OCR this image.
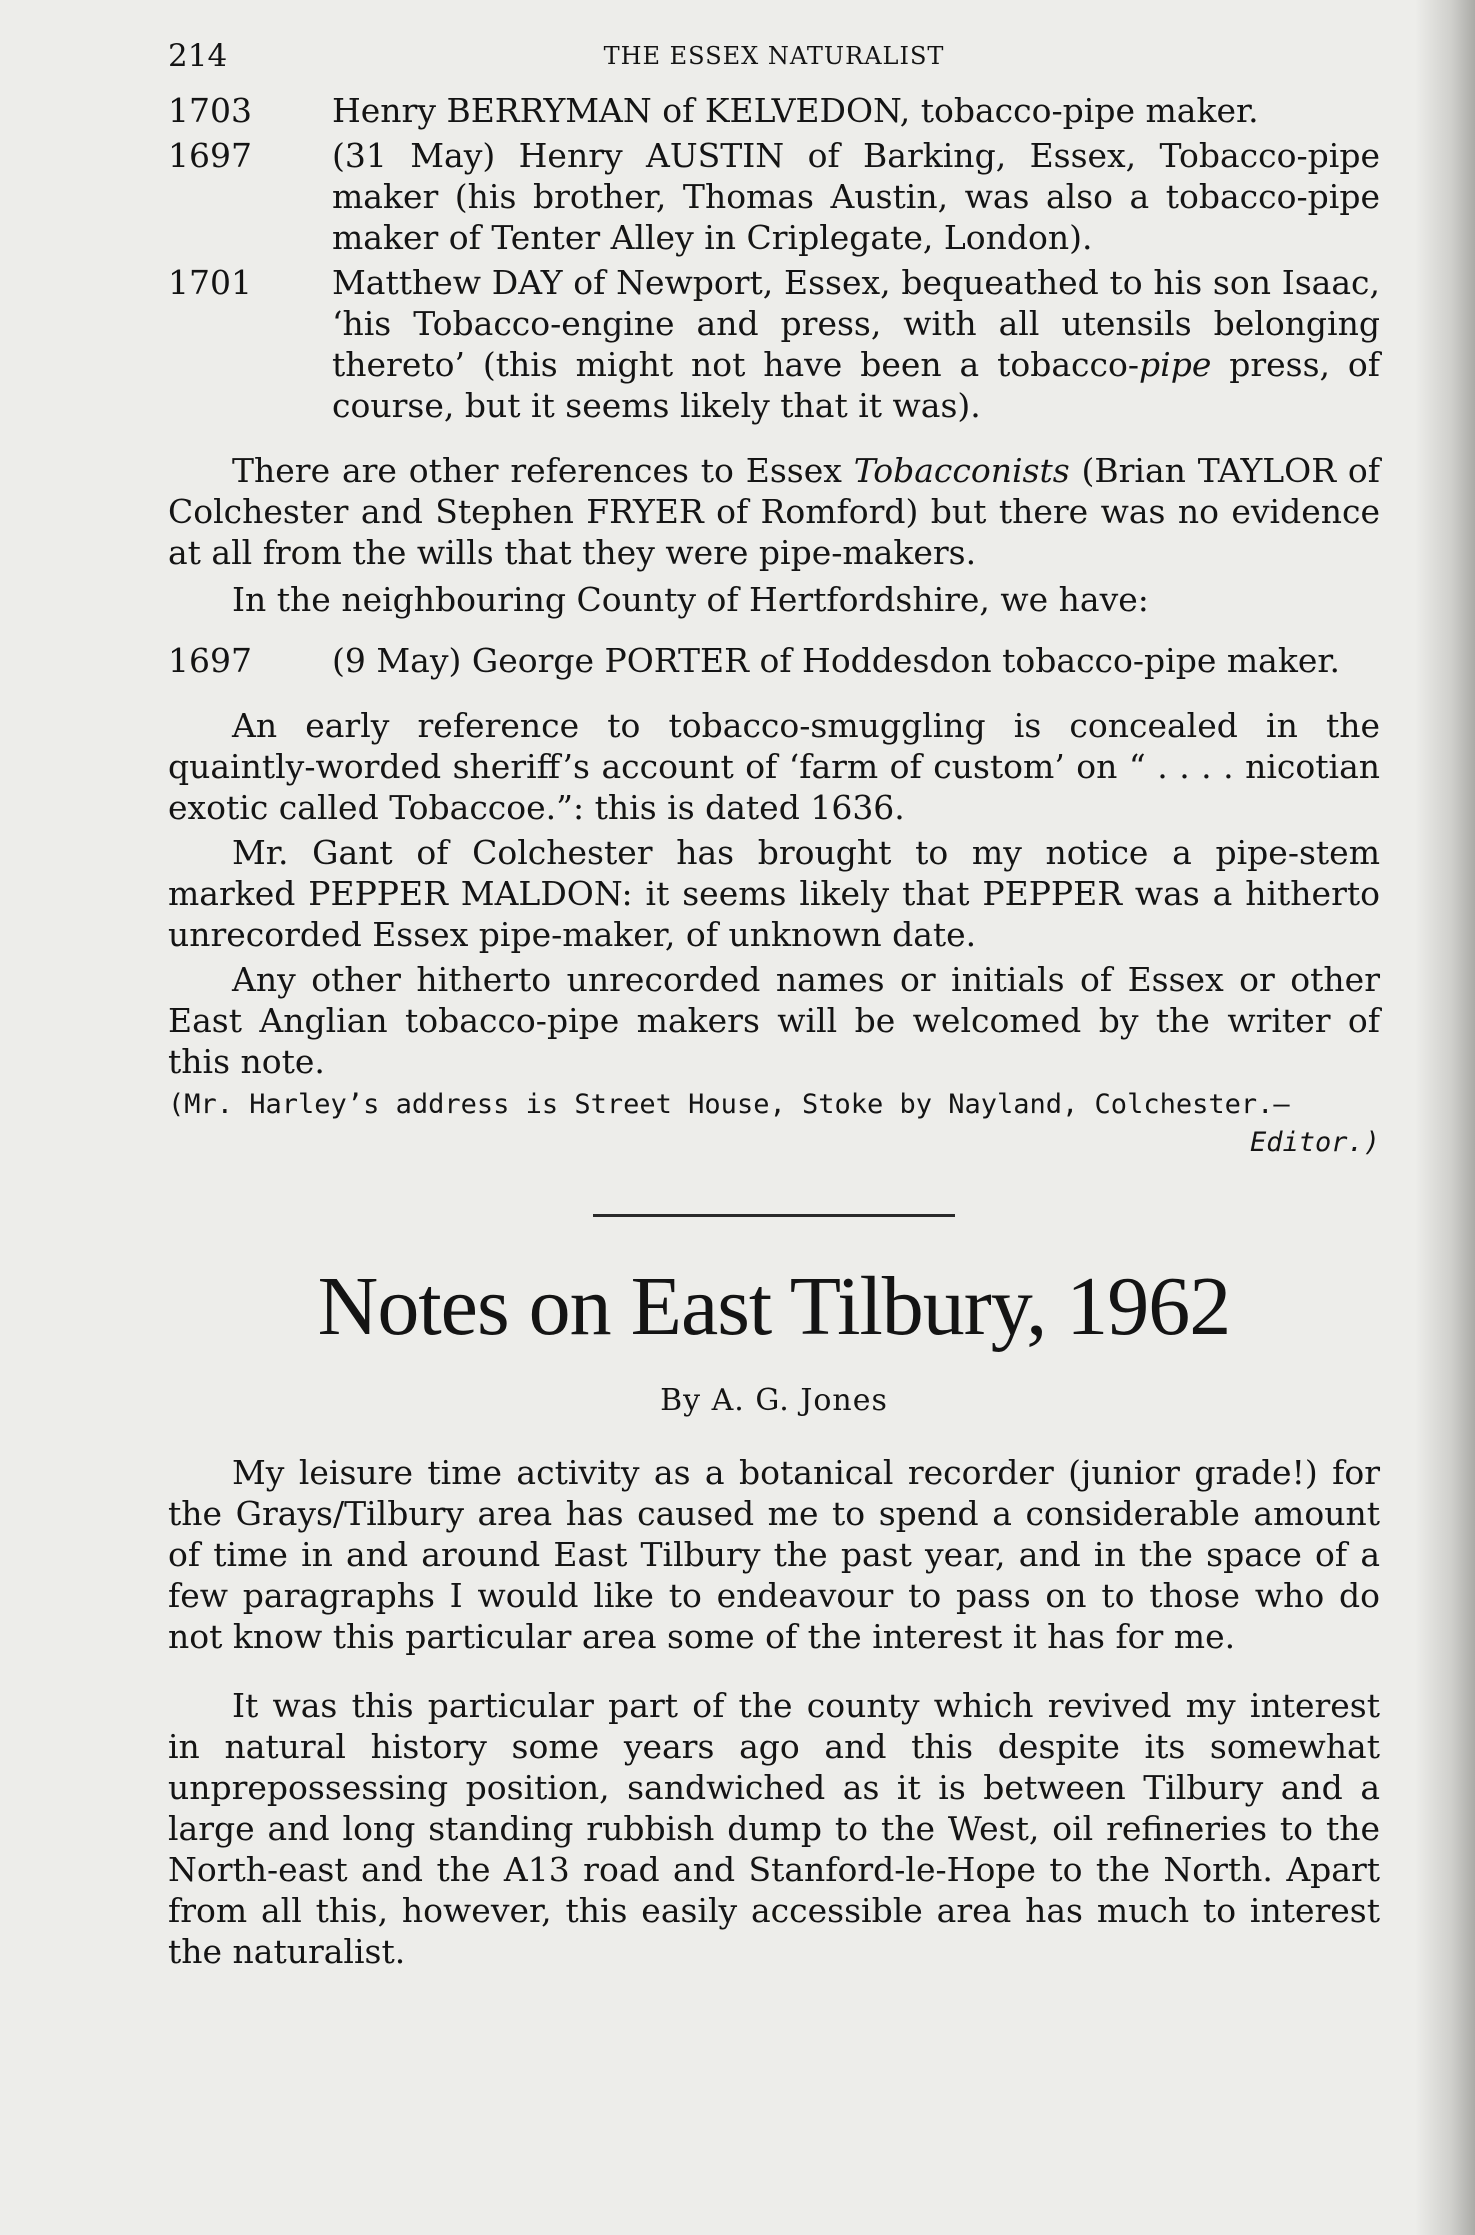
214	THE ESSEX NATURALIST
1703 Henry BERRYMAN of KELVEDON, tobacco-pipe maker.
1697 (31 May) Henry AUSTIN of Barking, Essex, Tobacco-pipe maker (his brother, Thomas Austin, was also a tobacco-pipe maker of Tenter Alley in Criplegate, London).
1701 Matthew DAY of Newport, Essex, bequeathed to his son Isaac, ‘his Tobacco-engine and press, with all utensils belonging thereto’ (this might not have been a tobacco-pipe press, of course, but it seems likely that it was).

There are other references to Essex Tobacconists (Brian TAYLOR of Colchester and Stephen FRYER of Romford) but there was no evidence at all from the wills that they were pipe-makers.

In the neighbouring County of Hertfordshire, we have:

1697 (9 May) George PORTER of Hoddesdon tobacco-pipe maker.

An early reference to tobacco-smuggling is concealed in the quaintly-worded sheriff’s account of ‘farm of custom’ on “ . . . . nicotian exotic called Tobaccoe.”: this is dated 1636.

Mr. Gant of Colchester has brought to my notice a pipe-stem marked PEPPER MALDON: it seems likely that PEPPER was a hitherto unrecorded Essex pipe-maker, of unknown date.

Any other hitherto unrecorded names or initials of Essex or other East Anglian tobacco-pipe makers will be welcomed by the writer of this note.

(Mr. Harley’s address is Street House, Stoke by Nayland, Colchester.—
Editor.)
Notes on East Tilbury, 1962
By A. G. Jones

My leisure time activity as a botanical recorder (junior grade!) for the Grays/Tilbury area has caused me to spend a considerable amount of time in and around East Tilbury the past year, and in the space of a few paragraphs I would like to endeavour to pass on to those who do not know this particular area some of the interest it has for me.

It was this particular part of the county which revived my interest in natural history some years ago and this despite its somewhat unprepossessing position, sandwiched as it is between Tilbury and a large and long standing rubbish dump to the West, oil refineries to the North-east and the A13 road and Stanford-le-Hope to the North. Apart from all this, however, this easily accessible area has much to interest the naturalist.
